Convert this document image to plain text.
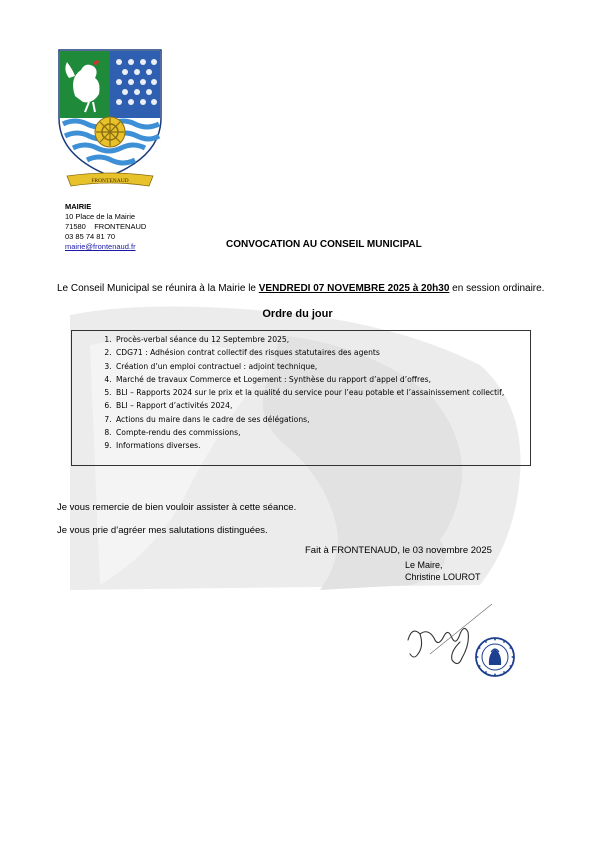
FRONTENAUD
MAIRIE
10 Place de la Mairie
71580    FRONTENAUD
03 85 74 81 70
mairie@frontenaud.fr	CONVOCATION AU CONSEIL MUNICIPAL
Le Conseil Municipal se réunira à la Mairie le VENDREDI 07 NOVEMBRE 2025 à 20h30 en session ordinaire.
Ordre du jour
1. Procès-verbal séance du 12 Septembre 2025,
2. CDG71 : Adhésion contrat collectif des risques statutaires des agents
3. Création d’un emploi contractuel : adjoint technique,
4. Marché de travaux Commerce et Logement : Synthèse du rapport d’appel d’offres,
5. BLI – Rapports 2024 sur le prix et la qualité du service pour l’eau potable et l’assainissement collectif,
6. BLI – Rapport d’activités 2024,
7. Actions du maire dans le cadre de ses délégations,
8. Compte-rendu des commissions,
9. Informations diverses.
Je vous remercie de bien vouloir assister à cette séance.
Je vous prie d’agréer mes salutations distinguées.
Fait à FRONTENAUD, le 03 novembre 2025
Le Maire,
Christine LOUROT
